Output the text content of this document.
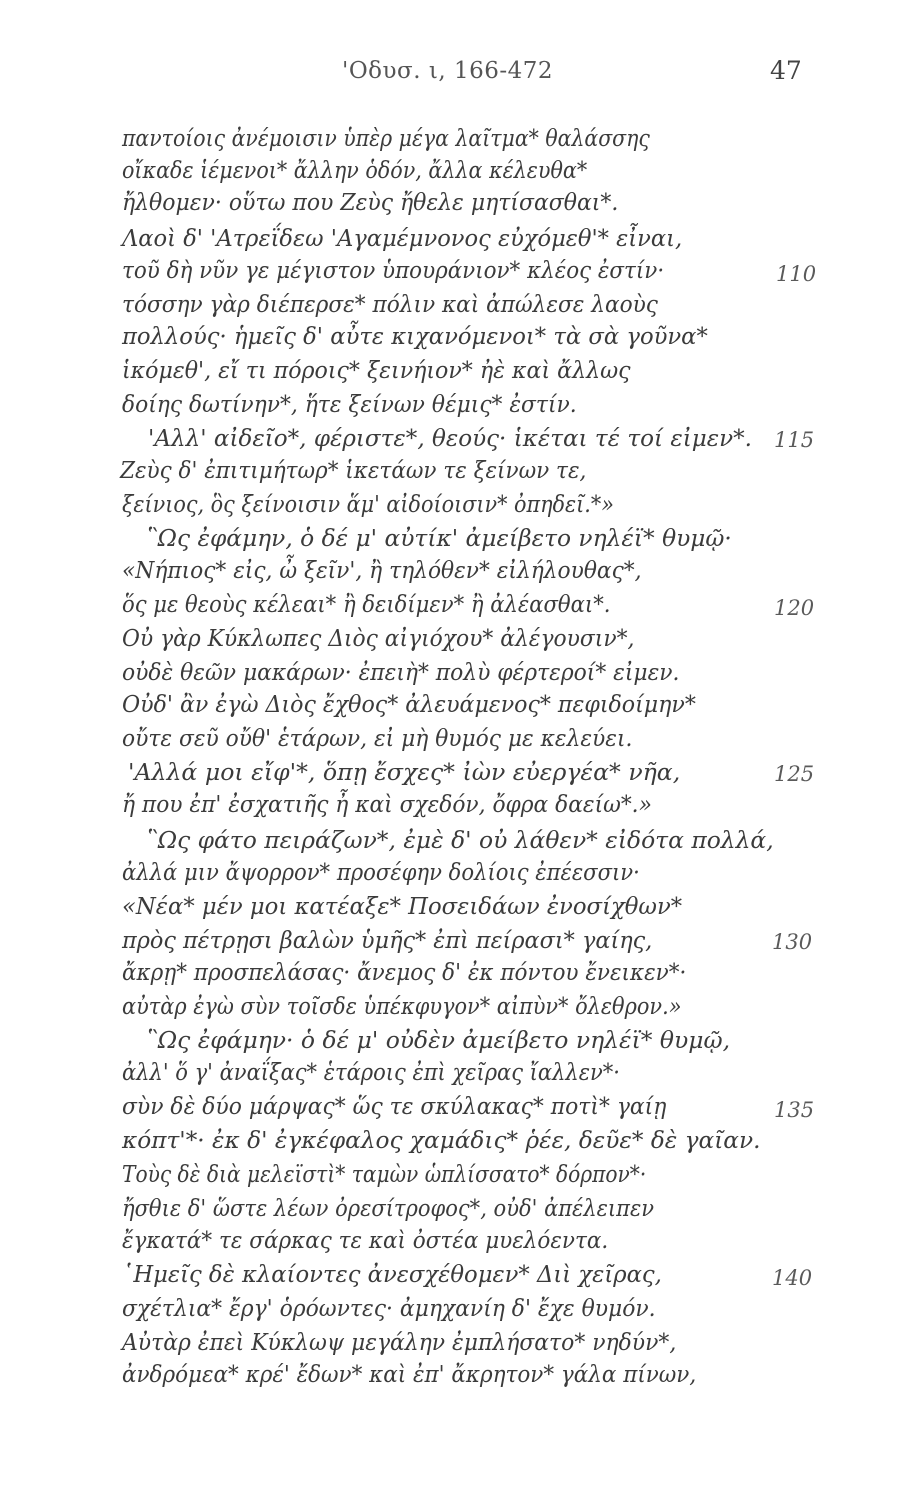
'Οδυσ. ι, 166-472	47
παντοίοις ἀνέμοισιν ὑπὲρ μέγα λαῖτμα* θαλάσσης
οἴκαδε ἱέμενοι* ἄλλην ὁδόν, ἄλλα κέλευθα*
ἤλθομεν· οὕτω που Ζεὺς ἤθελε μητίσασθαι*.
Λαοὶ δ' 'Ατρεΐδεω 'Αγαμέμνονος εὐχόμεθ'* εἶναι,
τοῦ δὴ νῦν γε μέγιστον ὑπουράνιον* κλέος ἐστίν·
τόσσην γὰρ διέπερσε* πόλιν καὶ ἀπώλεσε λαοὺς
πολλούς· ἡμεῖς δ' αὖτε κιχανόμενοι* τὰ σὰ γοῦνα*
ἱκόμεθ', εἴ τι πόροις* ξεινήιον* ἠὲ καὶ ἄλλως
δοίης δωτίνην*, ἥτε ξείνων θέμις* ἐστίν.
'Αλλ' αἰδεῖο*, φέριστε*, θεούς· ἱκέται τέ τοί εἰμεν*.
Ζεὺς δ' ἐπιτιμήτωρ* ἱκετάων τε ξείνων τε,
ξείνιος, ὃς ξείνοισιν ἅμ' αἰδοίοισιν* ὀπηδεῖ.*»
῝Ως ἐφάμην, ὁ δέ μ' αὐτίκ' ἀμείβετο νηλέϊ* θυμῷ·
«Νήπιος* εἰς, ὦ ξεῖν', ἢ τηλόθεν* εἰλήλουθας*,
ὅς με θεοὺς κέλεαι* ἢ δειδίμεν* ἢ ἀλέασθαι*.
Οὐ γὰρ Κύκλωπες Διὸς αἰγιόχου* ἀλέγουσιν*,
οὐδὲ θεῶν μακάρων· ἐπειὴ* πολὺ φέρτεροί* εἰμεν.
Οὐδ' ἂν ἐγὼ Διὸς ἔχθος* ἀλευάμενος* πεφιδοίμην*
οὔτε σεῦ οὔθ' ἑτάρων, εἰ μὴ θυμός με κελεύει.
'Αλλά μοι εἴφ'*, ὅπῃ ἔσχες* ἰὼν εὐεργέα* νῆα,
ἤ που ἐπ' ἐσχατιῆς ἦ καὶ σχεδόν, ὄφρα δαείω*.»
῝Ως φάτο πειράζων*, ἐμὲ δ' οὐ λάθεν* εἰδότα πολλά,
ἀλλά μιν ἄψορρον* προσέφην δολίοις ἐπέεσσιν·
«Νέα* μέν μοι κατέαξε* Ποσειδάων ἐνοσίχθων*
πρὸς πέτρῃσι βαλὼν ὑμῆς* ἐπὶ πείρασι* γαίης,
ἄκρῃ* προσπελάσας· ἄνεμος δ' ἐκ πόντου ἔνεικεν*·
αὐτὰρ ἐγὼ σὺν τοῖσδε ὑπέκφυγον* αἰπὺν* ὄλεθρον.»
῝Ως ἐφάμην· ὁ δέ μ' οὐδὲν ἀμείβετο νηλέϊ* θυμῷ,
ἀλλ' ὅ γ' ἀναΐξας* ἑτάροις ἐπὶ χεῖρας ἴαλλεν*·
σὺν δὲ δύο μάρψας* ὥς τε σκύλακας* ποτὶ* γαίῃ
κόπτ'*· ἐκ δ' ἐγκέφαλος χαμάδις* ῥέε, δεῦε* δὲ γαῖαν.
Τοὺς δὲ διὰ μελεϊστὶ* ταμὼν ὡπλίσσατο* δόρπον*·
ἤσθιε δ' ὥστε λέων ὀρεσίτροφος*, οὐδ' ἀπέλειπεν
ἔγκατά* τε σάρκας τε καὶ ὀστέα μυελόεντα.
῾Ημεῖς δὲ κλαίοντες ἀνεσχέθομεν* Διὶ χεῖρας,
σχέτλια* ἔργ' ὁρόωντες· ἀμηχανίη δ' ἔχε θυμόν.
Αὐτὰρ ἐπεὶ Κύκλωψ μεγάλην ἐμπλήσατο* νηδύν*,
ἀνδρόμεα* κρέ' ἔδων* καὶ ἐπ' ἄκρητον* γάλα πίνων,
110
115
120
125
130
135
140
